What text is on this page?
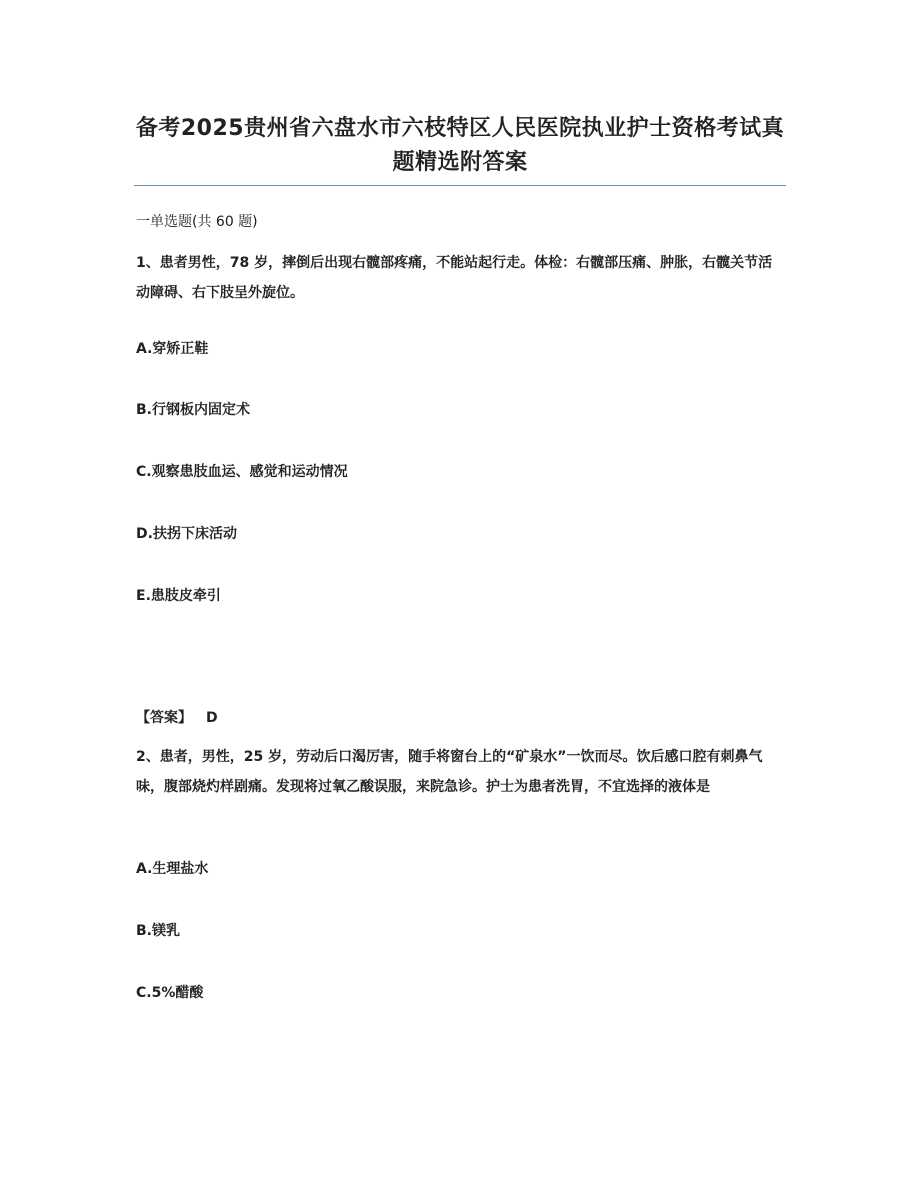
备考2025贵州省六盘水市六枝特区人民医院执业护士资格考试真题精选附答案
一单选题(共 60 题)
1、患者男性，78 岁，摔倒后出现右髋部疼痛，不能站起行走。体检：右髋部压痛、肿胀，右髋关节活动障碍、右下肢呈外旋位。
A.穿矫正鞋
B.行钢板内固定术
C.观察患肢血运、感觉和运动情况
D.扶拐下床活动
E.患肢皮牵引
【答案】 D
2、患者，男性，25 岁，劳动后口渴厉害，随手将窗台上的“矿泉水”一饮而尽。饮后感口腔有刺鼻气味，腹部烧灼样剧痛。发现将过氧乙酸误服，来院急诊。护士为患者洗胃，不宜选择的液体是
A.生理盐水
B.镁乳
C.5%醋酸
